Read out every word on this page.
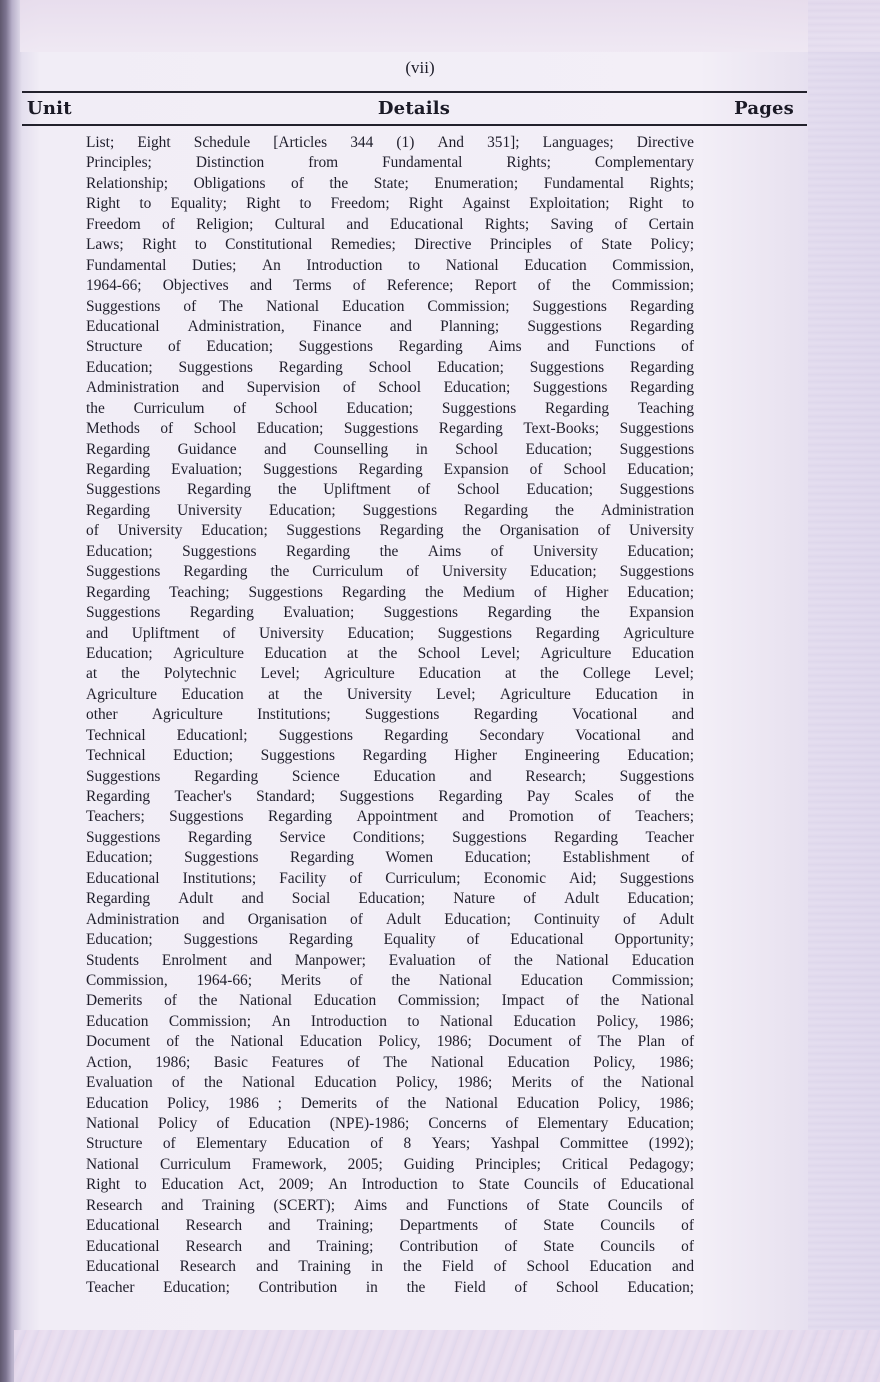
(vii)
Unit	Details	Pages
List; Eight Schedule [Articles 344 (1) And 351]; Languages; Directive
Principles;	Distinction	from	Fundamental	Rights;	Complementary
Relationship; Obligations of the State; Enumeration; Fundamental Rights;
Right to Equality; Right to Freedom; Right Against Exploitation; Right to
Freedom of Religion; Cultural and Educational Rights; Saving of Certain
Laws; Right to Constitutional Remedies; Directive Principles of State Policy;
Fundamental Duties; An Introduction to National Education Commission,
1964-66; Objectives and Terms of Reference; Report of the Commission;
Suggestions of The National Education Commission; Suggestions Regarding
Educational Administration, Finance and Planning; Suggestions Regarding
Structure of Education; Suggestions Regarding Aims and Functions of
Education; Suggestions Regarding School Education; Suggestions Regarding
Administration and Supervision of School Education; Suggestions Regarding
the Curriculum of School Education; Suggestions Regarding Teaching
Methods of School Education; Suggestions Regarding Text-Books; Suggestions
Regarding Guidance and Counselling in School Education; Suggestions
Regarding Evaluation; Suggestions Regarding Expansion of School Education;
Suggestions Regarding the Upliftment of School Education; Suggestions
Regarding University Education; Suggestions Regarding the Administration
of University Education; Suggestions Regarding the Organisation of University
Education; Suggestions Regarding the Aims of University Education;
Suggestions Regarding the Curriculum of University Education; Suggestions
Regarding Teaching; Suggestions Regarding the Medium of Higher Education;
Suggestions Regarding Evaluation; Suggestions Regarding the Expansion
and Upliftment of University Education; Suggestions Regarding Agriculture
Education; Agriculture Education at the School Level; Agriculture Education
at the Polytechnic Level; Agriculture Education at the College Level;
Agriculture Education at the University Level; Agriculture Education in
other Agriculture Institutions; Suggestions Regarding Vocational and
Technical Educationl; Suggestions Regarding Secondary Vocational and
Technical Eduction; Suggestions Regarding Higher Engineering Education;
Suggestions Regarding Science Education and Research; Suggestions
Regarding Teacher's Standard; Suggestions Regarding Pay Scales of the
Teachers; Suggestions Regarding Appointment and Promotion of Teachers;
Suggestions Regarding Service Conditions; Suggestions Regarding Teacher
Education; Suggestions Regarding Women Education; Establishment of
Educational Institutions; Facility of Curriculum; Economic Aid; Suggestions
Regarding Adult and Social Education; Nature of Adult Education;
Administration and Organisation of Adult Education; Continuity of Adult
Education; Suggestions Regarding Equality of Educational Opportunity;
Students Enrolment and Manpower; Evaluation of the National Education
Commission, 1964-66; Merits of the National Education Commission;
Demerits of the National Education Commission; Impact of the National
Education Commission; An Introduction to National Education Policy, 1986;
Document of the National Education Policy, 1986; Document of The Plan of
Action, 1986; Basic Features of The National Education Policy, 1986;
Evaluation of the National Education Policy, 1986; Merits of the National
Education Policy, 1986 ; Demerits of the National Education Policy, 1986;
National Policy of Education (NPE)-1986; Concerns of Elementary Education;
Structure of Elementary Education of 8 Years; Yashpal Committee (1992);
National Curriculum Framework, 2005; Guiding Principles; Critical Pedagogy;
Right to Education Act, 2009; An Introduction to State Councils of Educational
Research and Training (SCERT); Aims and Functions of State Councils of
Educational Research and Training; Departments of State Councils of
Educational Research and Training; Contribution of State Councils of
Educational Research and Training in the Field of School Education and
Teacher Education; Contribution in the Field of School Education;
